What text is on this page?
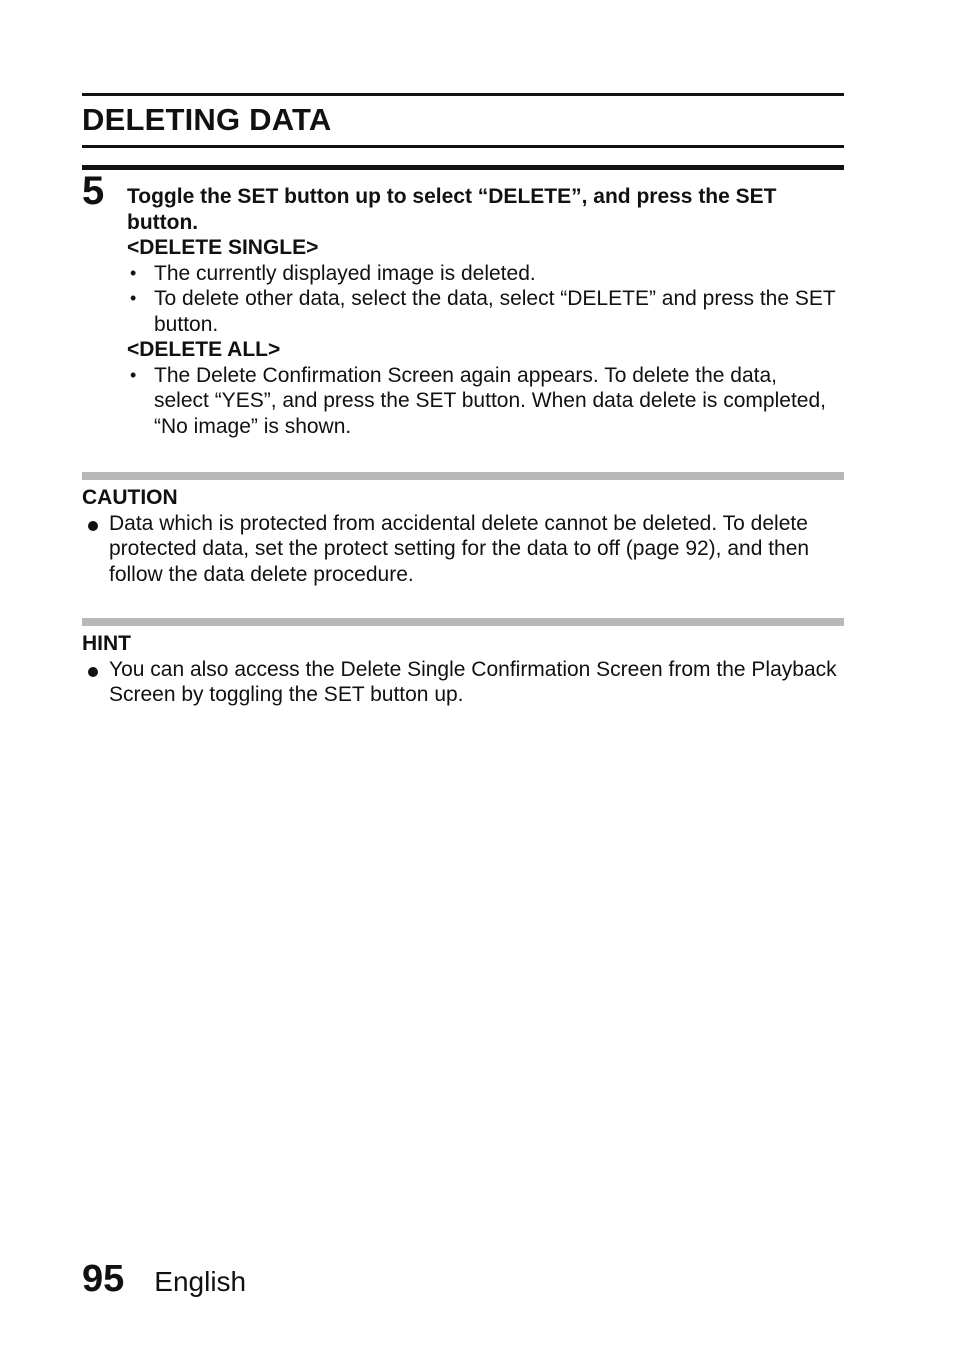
DELETING DATA
5 Toggle the SET button up to select “DELETE”, and press the SET button.

<DELETE SINGLE>

• The currently displayed image is deleted.
• To delete other data, select the data, select “DELETE” and press the SET button.

<DELETE ALL>

• The Delete Confirmation Screen again appears. To delete the data, select “YES”, and press the SET button. When data delete is completed, “No image” is shown.

CAUTION

Data which is protected from accidental delete cannot be deleted. To delete protected data, set the protect setting for the data to off (page 92), and then follow the data delete procedure.

HINT

You can also access the Delete Single Confirmation Screen from the Playback Screen by toggling the SET button up.
95 English
